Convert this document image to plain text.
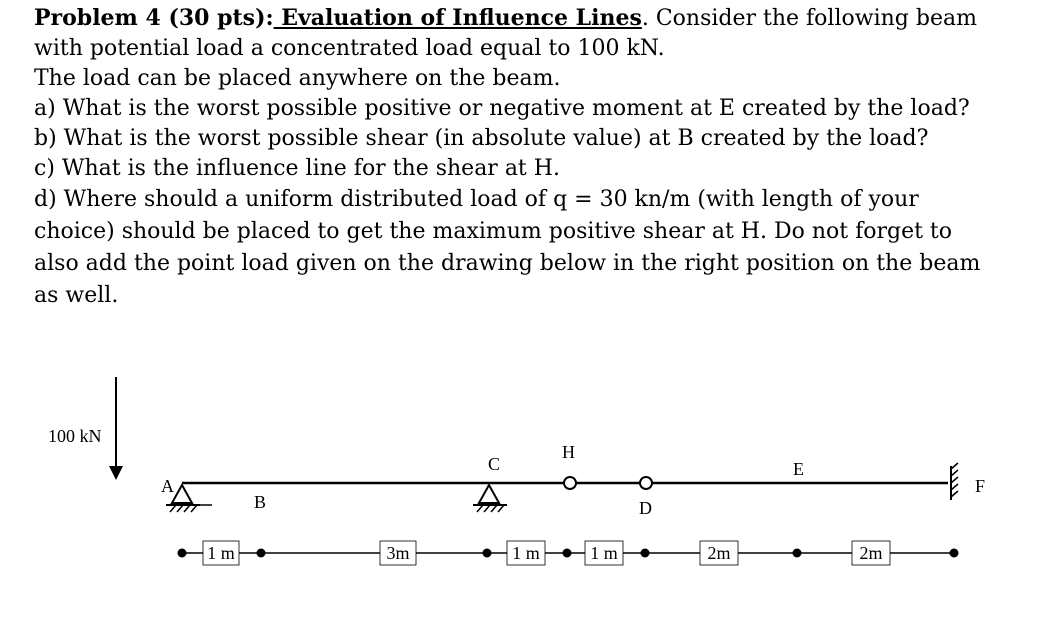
Problem 4 (30 pts): Evaluation of Influence Lines. Consider the following beam
with potential load a concentrated load equal to 100 kN.
The load can be placed anywhere on the beam.
a) What is the worst possible positive or negative moment at E created by the load?
b) What is the worst possible shear (in absolute value) at B created by the load?
c) What is the influence line for the shear at H.
d) Where should a uniform distributed load of q = 30 kn/m (with length of your
choice) should be placed to get the maximum positive shear at H. Do not forget to
also add the point load given on the drawing below in the right position on the beam
as well.
100 kN
A
B
C
H
D
E
F
1 m	3m	1 m	1 m	2m	2m
